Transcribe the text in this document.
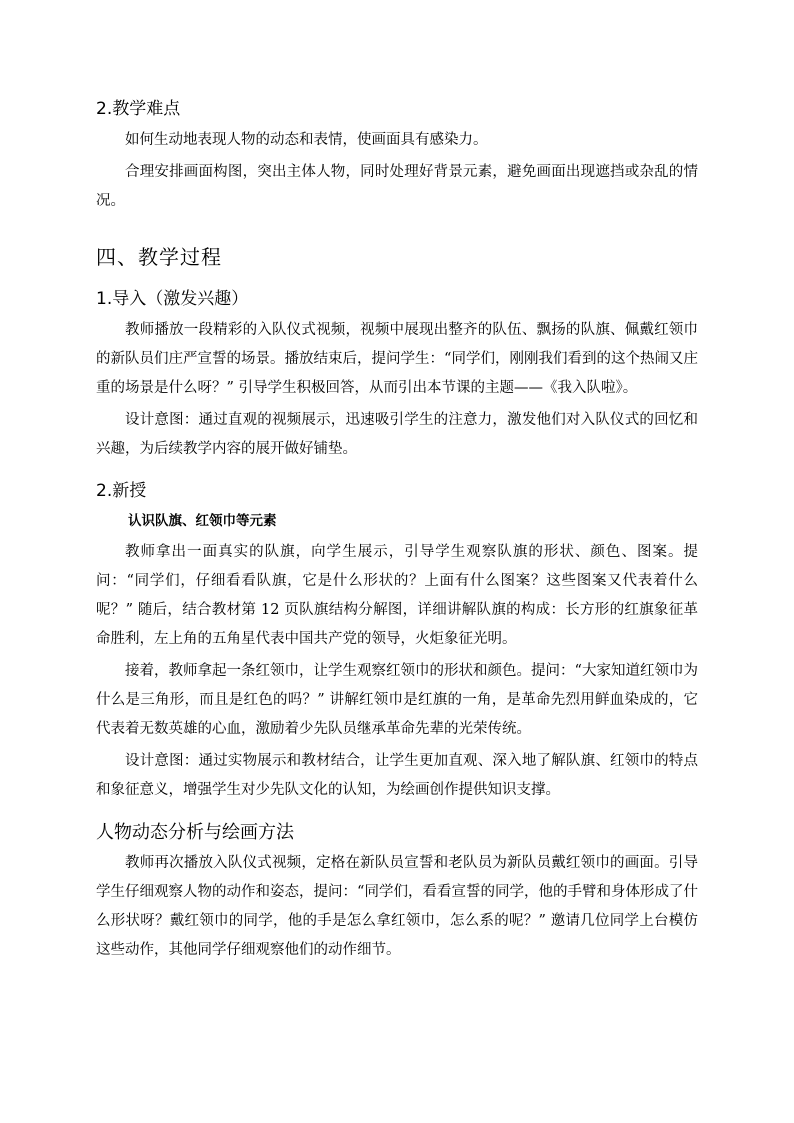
2.教学难点

如何生动地表现人物的动态和表情，使画面具有感染力。

合理安排画面构图，突出主体人物，同时处理好背景元素，避免画面出现遮挡或杂乱的情况。

四、教学过程
1.导入（激发兴趣）

教师播放一段精彩的入队仪式视频，视频中展现出整齐的队伍、飘扬的队旗、佩戴红领巾的新队员们庄严宣誓的场景。播放结束后，提问学生：“同学们，刚刚我们看到的这个热闹又庄重的场景是什么呀？” 引导学生积极回答，从而引出本节课的主题——《我入队啦》。

设计意图：通过直观的视频展示，迅速吸引学生的注意力，激发他们对入队仪式的回忆和兴趣，为后续教学内容的展开做好铺垫。

2.新授
认识队旗、红领巾等元素

教师拿出一面真实的队旗，向学生展示，引导学生观察队旗的形状、颜色、图案。提问：“同学们，仔细看看队旗，它是什么形状的？上面有什么图案？这些图案又代表着什么呢？” 随后，结合教材第 12 页队旗结构分解图，详细讲解队旗的构成：长方形的红旗象征革命胜利，左上角的五角星代表中国共产党的领导，火炬象征光明。

接着，教师拿起一条红领巾，让学生观察红领巾的形状和颜色。提问：“大家知道红领巾为什么是三角形，而且是红色的吗？” 讲解红领巾是红旗的一角，是革命先烈用鲜血染成的，它代表着无数英雄的心血，激励着少先队员继承革命先辈的光荣传统。

设计意图：通过实物展示和教材结合，让学生更加直观、深入地了解队旗、红领巾的特点和象征意义，增强学生对少先队文化的认知，为绘画创作提供知识支撑。

人物动态分析与绘画方法

教师再次播放入队仪式视频，定格在新队员宣誓和老队员为新队员戴红领巾的画面。引导学生仔细观察人物的动作和姿态，提问：“同学们，看看宣誓的同学，他的手臂和身体形成了什么形状呀？戴红领巾的同学，他的手是怎么拿红领巾，怎么系的呢？” 邀请几位同学上台模仿这些动作，其他同学仔细观察他们的动作细节。
